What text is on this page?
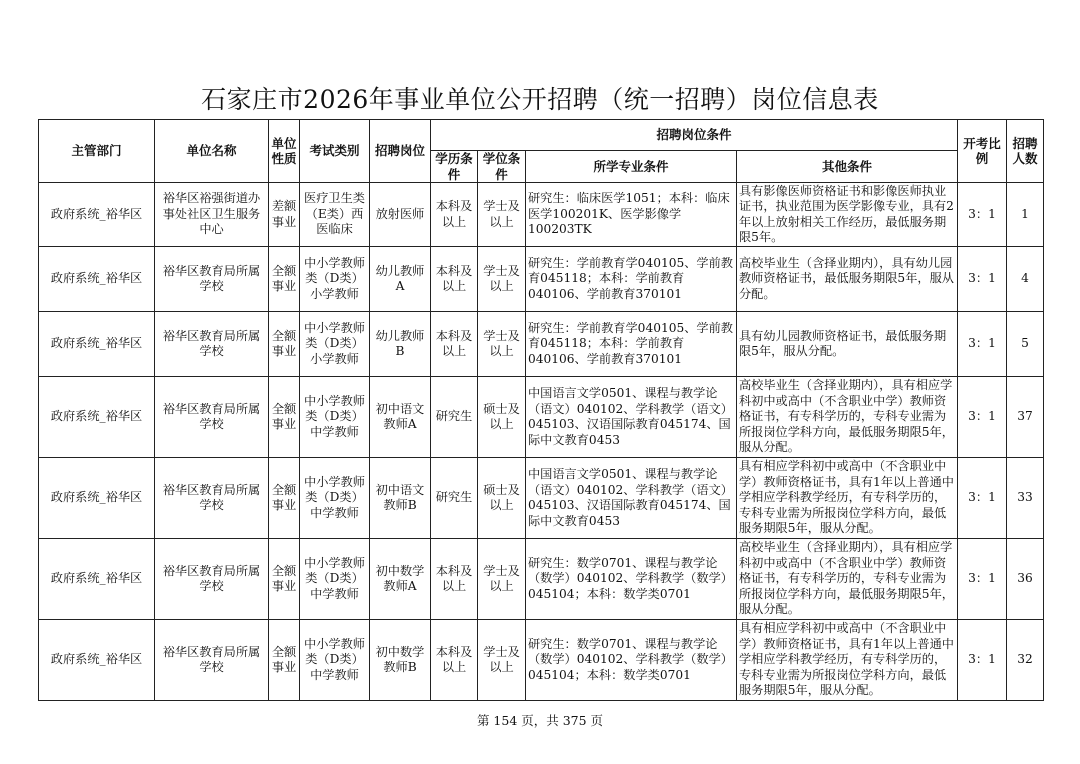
石家庄市2026年事业单位公开招聘（统一招聘）岗位信息表
主管部门	单位名称	单位性质	考试类别	招聘岗位	招聘岗位条件				开考比例	招聘人数
					学历条件	学位条件	所学专业条件	其他条件		
政府系统_裕华区	裕华区裕强街道办事处社区卫生服务中心	差额事业	医疗卫生类（E类）西医临床	放射医师	本科及以上	学士及以上	研究生：临床医学1051；本科：临床医学100201K、医学影像学100203TK	具有影像医师资格证书和影像医师执业证书，执业范围为医学影像专业，具有2年以上放射相关工作经历，最低服务期限5年。	3：1	1
政府系统_裕华区	裕华区教育局所属学校	全额事业	中小学教师类（D类）小学教师	幼儿教师A	本科及以上	学士及以上	研究生：学前教育学040105、学前教育045118；本科：学前教育040106、学前教育370101	高校毕业生（含择业期内），具有幼儿园教师资格证书，最低服务期限5年，服从分配。	3：1	4
政府系统_裕华区	裕华区教育局所属学校	全额事业	中小学教师类（D类）小学教师	幼儿教师B	本科及以上	学士及以上	研究生：学前教育学040105、学前教育045118；本科：学前教育040106、学前教育370101	具有幼儿园教师资格证书，最低服务期限5年，服从分配。	3：1	5
政府系统_裕华区	裕华区教育局所属学校	全额事业	中小学教师类（D类）中学教师	初中语文教师A	研究生	硕士及以上	中国语言文学0501、课程与教学论（语文）040102、学科教学（语文）045103、汉语国际教育045174、国际中文教育0453	高校毕业生（含择业期内），具有相应学科初中或高中（不含职业中学）教师资格证书，有专科学历的，专科专业需为所报岗位学科方向，最低服务期限5年，服从分配。	3：1	37
政府系统_裕华区	裕华区教育局所属学校	全额事业	中小学教师类（D类）中学教师	初中语文教师B	研究生	硕士及以上	中国语言文学0501、课程与教学论（语文）040102、学科教学（语文）045103、汉语国际教育045174、国际中文教育0453	具有相应学科初中或高中（不含职业中学）教师资格证书，具有1年以上普通中学相应学科教学经历，有专科学历的，专科专业需为所报岗位学科方向，最低服务期限5年，服从分配。	3：1	33
政府系统_裕华区	裕华区教育局所属学校	全额事业	中小学教师类（D类）中学教师	初中数学教师A	本科及以上	学士及以上	研究生：数学0701、课程与教学论（数学）040102、学科教学（数学）045104；本科：数学类0701	高校毕业生（含择业期内），具有相应学科初中或高中（不含职业中学）教师资格证书，有专科学历的，专科专业需为所报岗位学科方向，最低服务期限5年，服从分配。	3：1	36
政府系统_裕华区	裕华区教育局所属学校	全额事业	中小学教师类（D类）中学教师	初中数学教师B	本科及以上	学士及以上	研究生：数学0701、课程与教学论（数学）040102、学科教学（数学）045104；本科：数学类0701	具有相应学科初中或高中（不含职业中学）教师资格证书，具有1年以上普通中学相应学科教学经历，有专科学历的，专科专业需为所报岗位学科方向，最低服务期限5年，服从分配。	3：1	32
第 154 页，共 375 页
